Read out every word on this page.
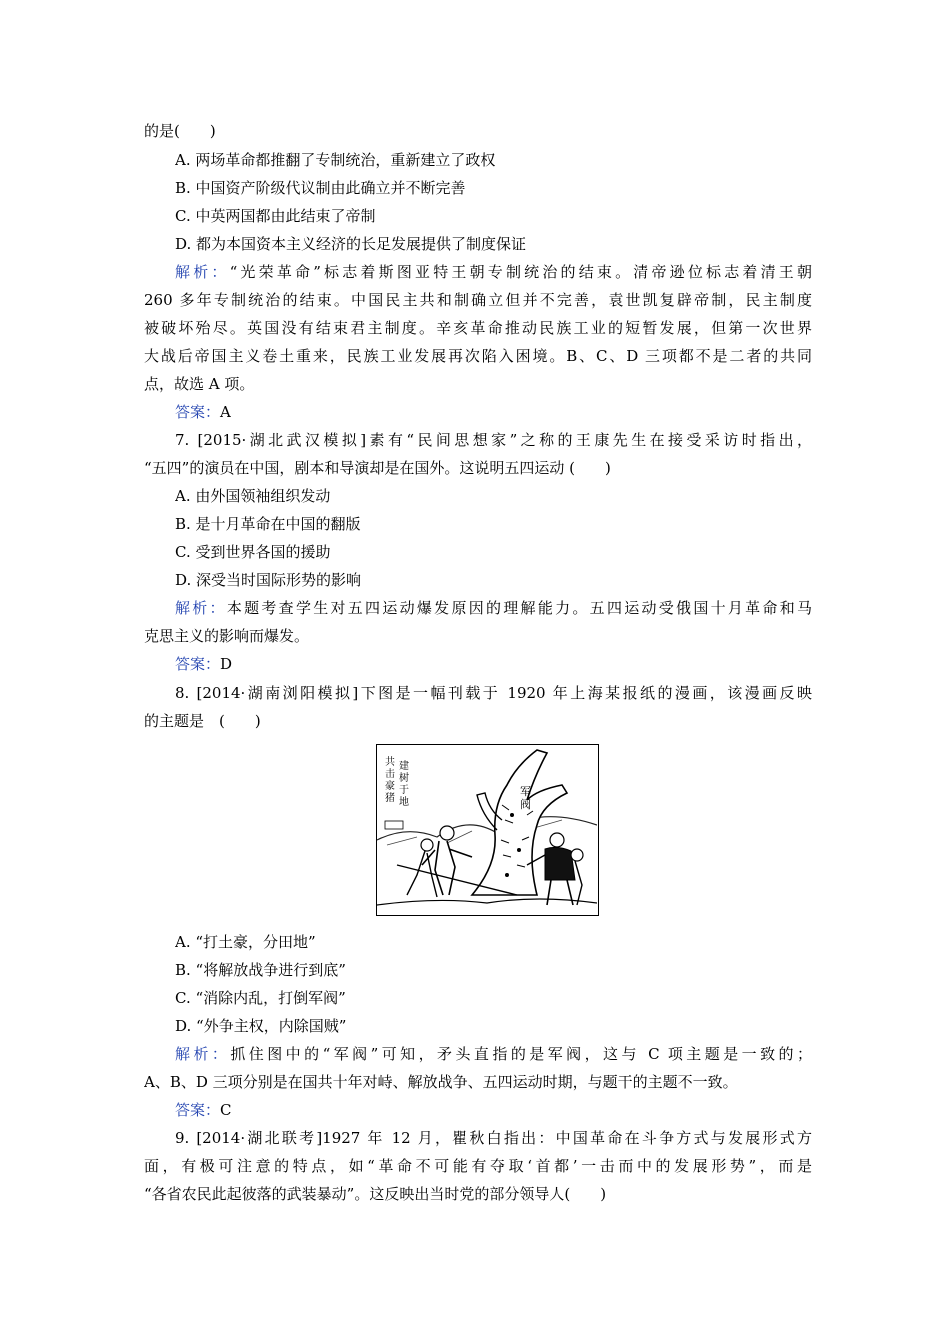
的是(　　)
A. 两场革命都推翻了专制统治，重新建立了政权
B. 中国资产阶级代议制由此确立并不断完善
C. 中英两国都由此结束了帝制
D. 都为本国资本主义经济的长足发展提供了制度保证
解析：“光荣革命”标志着斯图亚特王朝专制统治的结束。清帝逊位标志着清王朝
260 多年专制统治的结束。中国民主共和制确立但并不完善，袁世凯复辟帝制，民主制度
被破坏殆尽。英国没有结束君主制度。辛亥革命推动民族工业的短暂发展，但第一次世界
大战后帝国主义卷土重来，民族工业发展再次陷入困境。B、C、D 三项都不是二者的共同
点，故选 A 项。
答案：A
7. [2015·湖北武汉模拟]素有“民间思想家”之称的王康先生在接受采访时指出，
“五四”的演员在中国，剧本和导演却是在国外。这说明五四运动 (　　)
A. 由外国领袖组织发动
B. 是十月革命在中国的翻版
C. 受到世界各国的援助
D. 深受当时国际形势的影响
解析：本题考查学生对五四运动爆发原因的理解能力。五四运动受俄国十月革命和马
克思主义的影响而爆发。
答案：D
8. [2014·湖南浏阳模拟]下图是一幅刊载于 1920 年上海某报纸的漫画，该漫画反映
的主题是　(　　)
共击豪猪 建树于地
军
阀
A. “打土豪，分田地”
B. “将解放战争进行到底”
C. “消除内乱，打倒军阀”
D. “外争主权，内除国贼”
解析：抓住图中的“军阀”可知，矛头直指的是军阀，这与 C 项主题是一致的；
A、B、D 三项分别是在国共十年对峙、解放战争、五四运动时期，与题干的主题不一致。
答案：C
9. [2014·湖北联考]1927 年 12 月，瞿秋白指出：中国革命在斗争方式与发展形式方
面，有极可注意的特点，如“革命不可能有夺取‘首都’一击而中的发展形势”，而是
“各省农民此起彼落的武装暴动”。这反映出当时党的部分领导人(　　)
